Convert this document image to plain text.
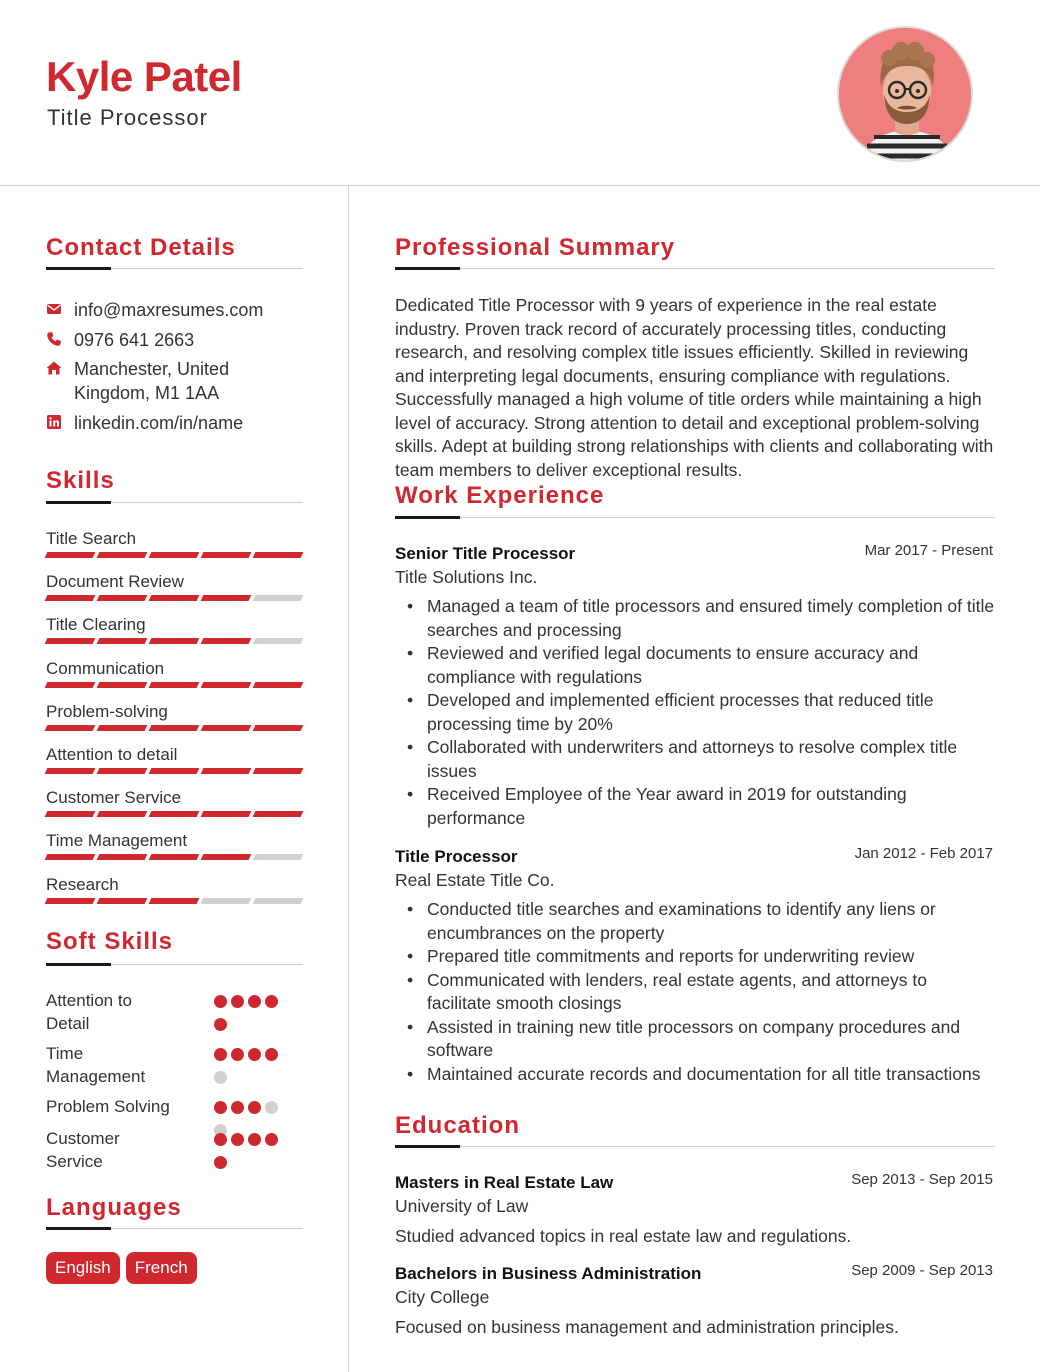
Kyle Patel
Title Processor
Contact Details
info@maxresumes.com
0976 641 2663
Manchester, United Kingdom, M1 1AA
linkedin.com/in/name
Skills
Title Search
Document Review
Title Clearing
Communication
Problem-solving
Attention to detail
Customer Service
Time Management
Research
Soft Skills
Attention to Detail
Time Management
Problem Solving
Customer Service
Languages
English	French
Professional Summary
Dedicated Title Processor with 9 years of experience in the real estate industry. Proven track record of accurately processing titles, conducting research, and resolving complex title issues efficiently. Skilled in reviewing and interpreting legal documents, ensuring compliance with regulations. Successfully managed a high volume of title orders while maintaining a high level of accuracy. Strong attention to detail and exceptional problem-solving skills. Adept at building strong relationships with clients and collaborating with team members to deliver exceptional results.
Work Experience
Senior Title Processor	Mar 2017 - Present
Title Solutions Inc.
• Managed a team of title processors and ensured timely completion of title searches and processing
• Reviewed and verified legal documents to ensure accuracy and compliance with regulations
• Developed and implemented efficient processes that reduced title processing time by 20%
• Collaborated with underwriters and attorneys to resolve complex title issues
• Received Employee of the Year award in 2019 for outstanding performance
Title Processor	Jan 2012 - Feb 2017
Real Estate Title Co.
• Conducted title searches and examinations to identify any liens or encumbrances on the property
• Prepared title commitments and reports for underwriting review
• Communicated with lenders, real estate agents, and attorneys to facilitate smooth closings
• Assisted in training new title processors on company procedures and software
• Maintained accurate records and documentation for all title transactions
Education
Masters in Real Estate Law	Sep 2013 - Sep 2015
University of Law
Studied advanced topics in real estate law and regulations.
Bachelors in Business Administration	Sep 2009 - Sep 2013
City College
Focused on business management and administration principles.
